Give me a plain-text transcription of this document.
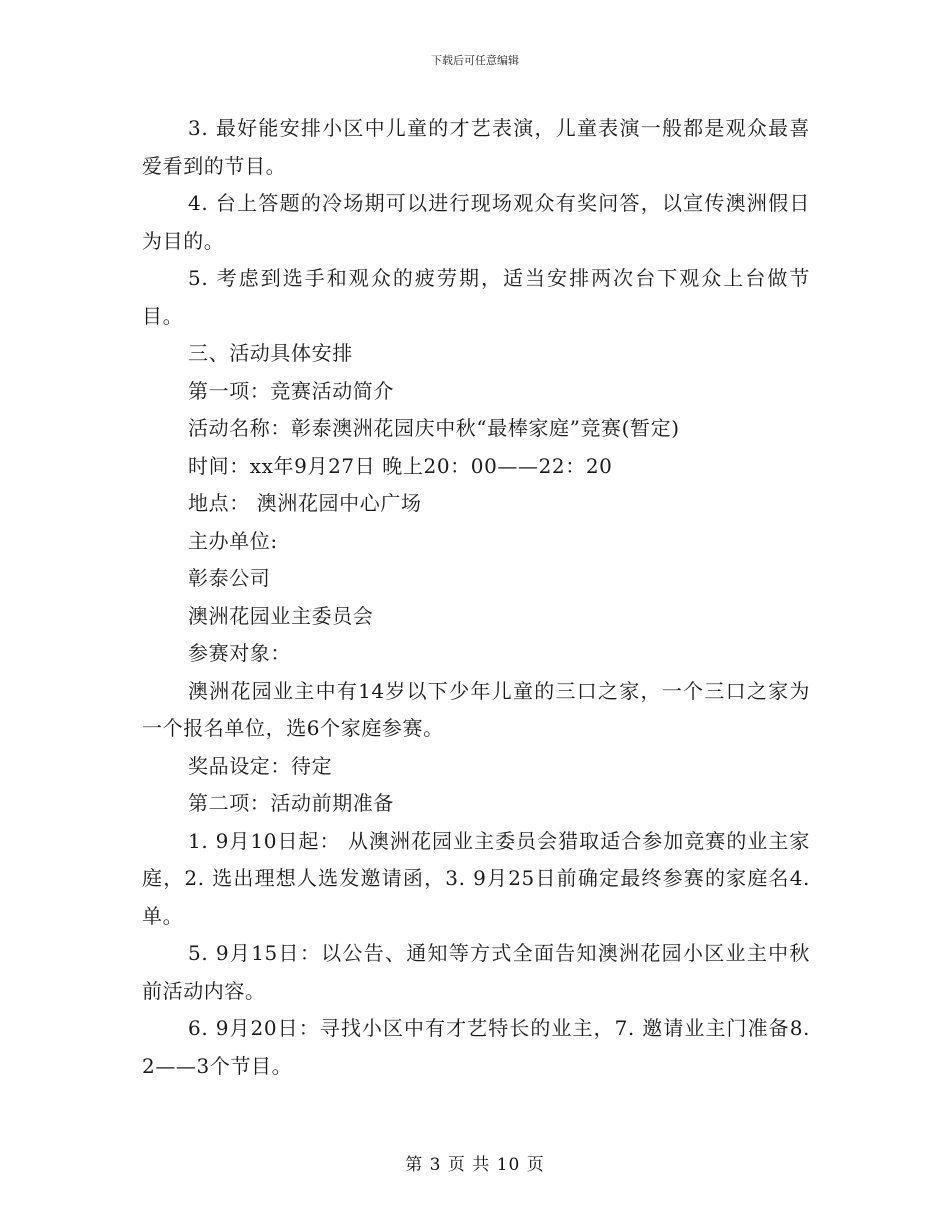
下载后可任意编辑

3. 最好能安排小区中儿童的才艺表演，儿童表演一般都是观众最喜爱看到的节目。

4. 台上答题的冷场期可以进行现场观众有奖问答，以宣传澳洲假日为目的。

5. 考虑到选手和观众的疲劳期，适当安排两次台下观众上台做节目。

三、活动具体安排

第一项：竞赛活动简介

活动名称：彰泰澳洲花园庆中秋“最棒家庭”竞赛(暂定)

时间：xx年9月27日 晚上20：00——22：20

地点： 澳洲花园中心广场

主办单位:

彰泰公司

澳洲花园业主委员会

参赛对象：

澳洲花园业主中有14岁以下少年儿童的三口之家，一个三口之家为一个报名单位，选6个家庭参赛。

奖品设定：待定

第二项：活动前期准备

1. 9月10日起： 从澳洲花园业主委员会猎取适合参加竞赛的业主家庭，2. 选出理想人选发邀请函，3. 9月25日前确定最终参赛的家庭名4. 单。

5. 9月15日：以公告、通知等方式全面告知澳洲花园小区业主中秋前活动内容。

6. 9月20日：寻找小区中有才艺特长的业主，7. 邀请业主门准备8. 2——3个节目。

第 3 页 共 10 页
